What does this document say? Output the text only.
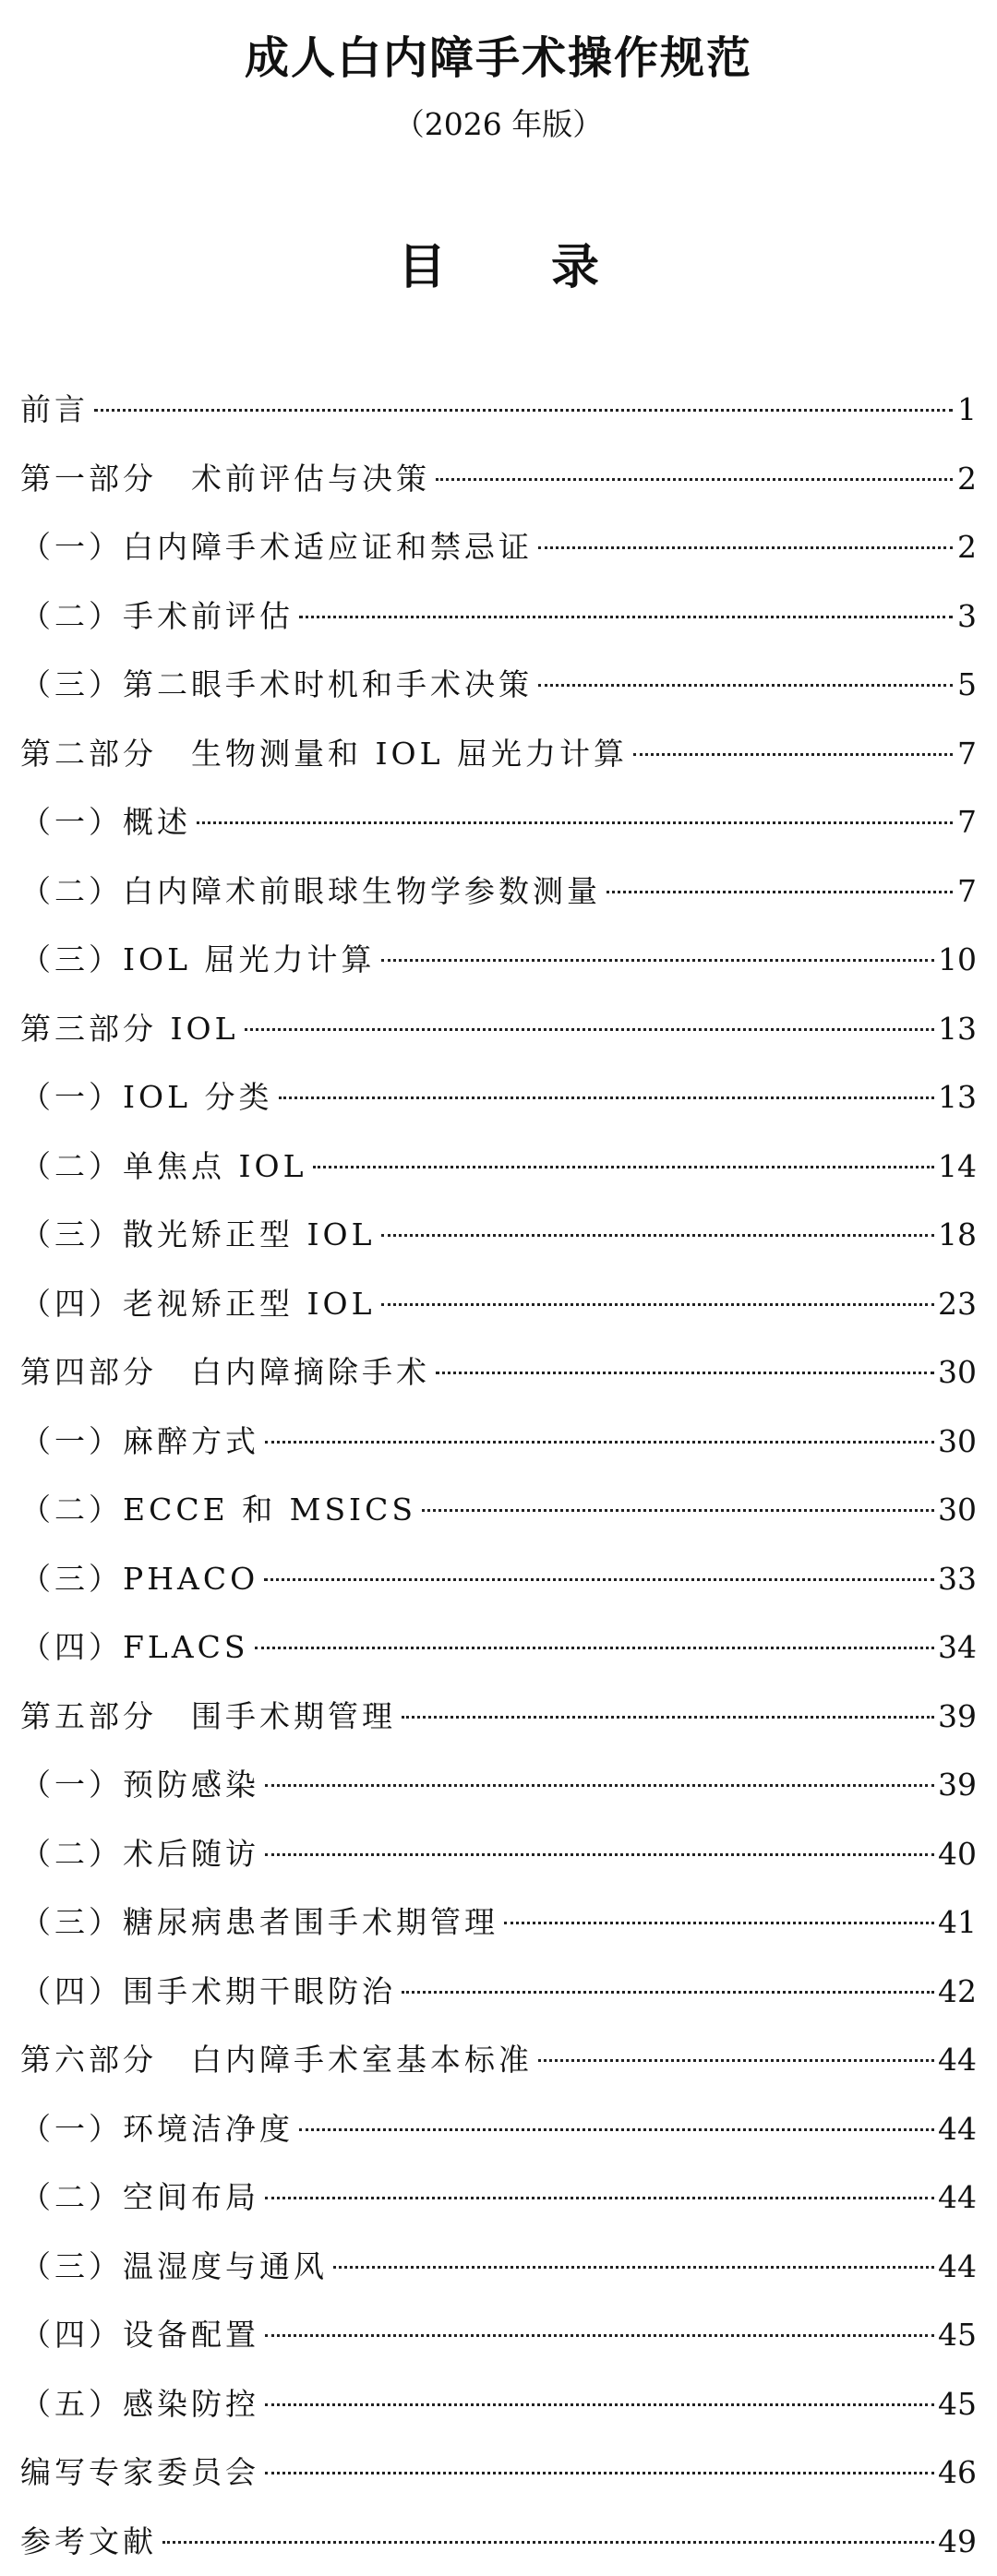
成人白内障手术操作规范
（2026 年版）
目 录
前言	1
第一部分　术前评估与决策	2
（一）白内障手术适应证和禁忌证	2
（二）手术前评估	3
（三）第二眼手术时机和手术决策	5
第二部分　生物测量和 IOL 屈光力计算	7
（一）概述	7
（二）白内障术前眼球生物学参数测量	7
（三）IOL 屈光力计算	10
第三部分 IOL	13
（一）IOL 分类	13
（二）单焦点 IOL	14
（三）散光矫正型 IOL	18
（四）老视矫正型 IOL	23
第四部分　白内障摘除手术	30
（一）麻醉方式	30
（二）ECCE 和 MSICS	30
（三）PHACO	33
（四）FLACS	34
第五部分　围手术期管理	39
（一）预防感染	39
（二）术后随访	40
（三）糖尿病患者围手术期管理	41
（四）围手术期干眼防治	42
第六部分　白内障手术室基本标准	44
（一）环境洁净度	44
（二）空间布局	44
（三）温湿度与通风	44
（四）设备配置	45
（五）感染防控	45
编写专家委员会	46
参考文献	49
